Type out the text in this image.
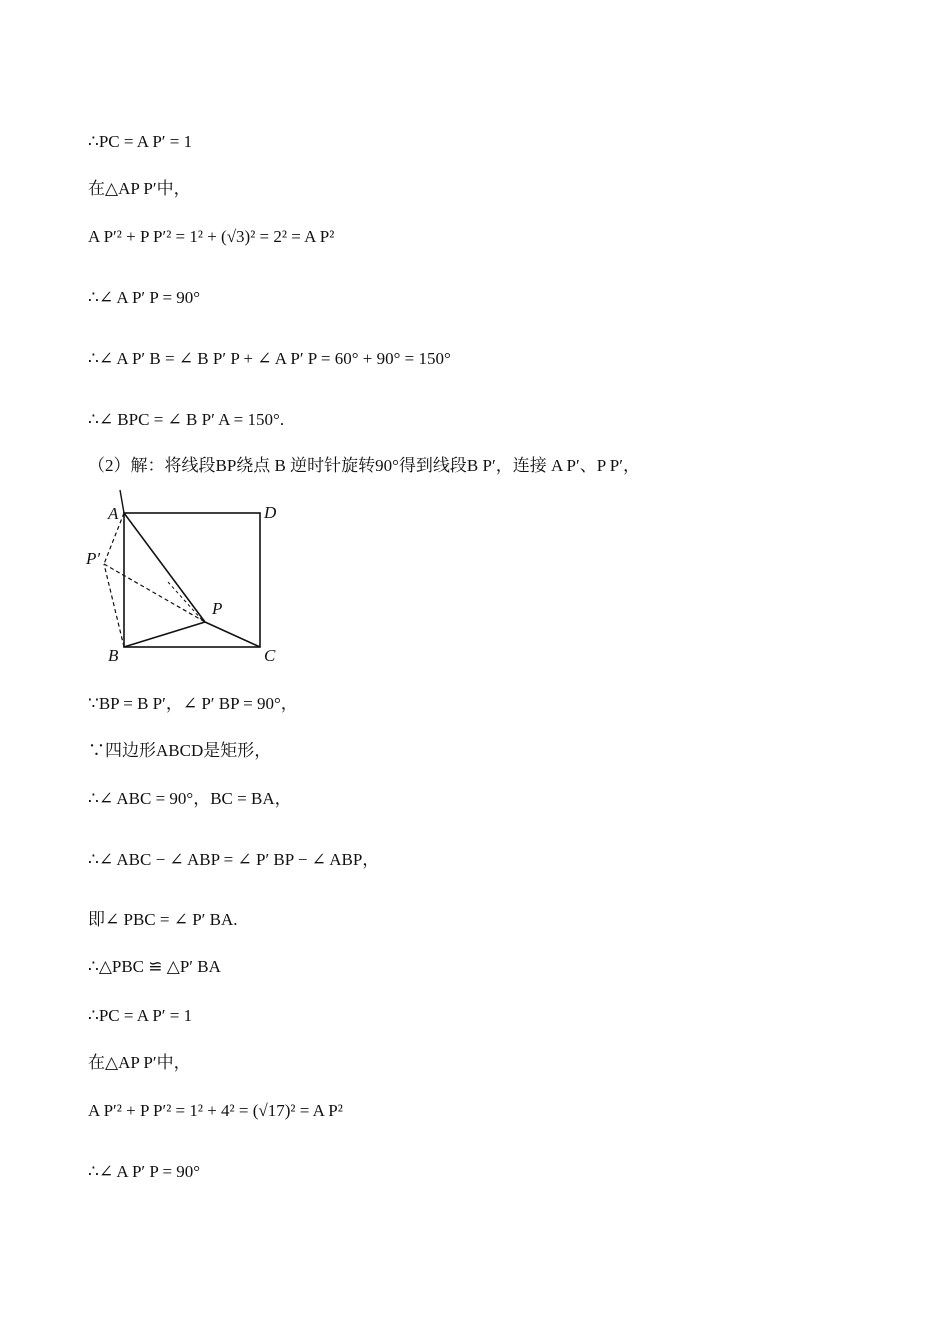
∴PC = A P′ = 1
在△AP P′中，
A P′² + P P′² = 1² + (√3)² = 2² = A P²
∴∠ A P′ P = 90°
∴∠ A P′ B = ∠ B P′ P + ∠ A P′ P = 60° + 90° = 150°
∴∠ BPC = ∠ B P′ A = 150°.
（2）解：将线段BP绕点 B 逆时针旋转90°得到线段B P′，连接 A P′、P P′，
A	D
P′
P
B	C
∵BP = B P′，∠ P′ BP = 90°，
∵四边形ABCD是矩形，
∴∠ ABC = 90°，BC = BA，
∴∠ ABC − ∠ ABP = ∠ P′ BP − ∠ ABP，
即∠ PBC = ∠ P′ BA.
∴△PBC ≌ △P′ BA
∴PC = A P′ = 1
在△AP P′中，
A P′² + P P′² = 1² + 4² = (√17)² = A P²
∴∠ A P′ P = 90°
